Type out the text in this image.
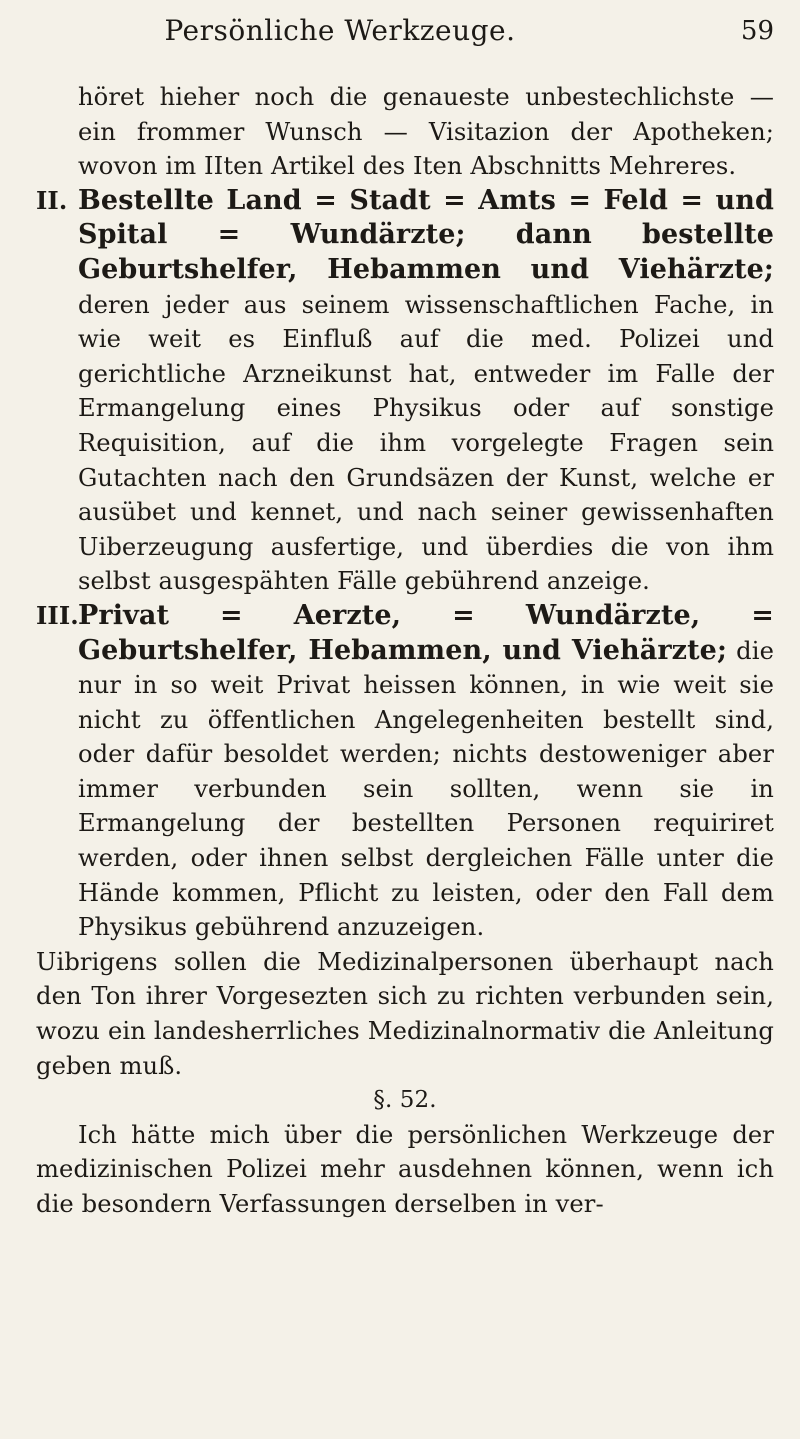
Persönliche Werkzeuge.	59

höret hieher noch die genaueste unbestechlichste — ein frommer Wunsch — Visitazion der Apotheken; wovon im IIten Artikel des Iten Abschnitts Mehreres.

II. Bestellte Land = Stadt = Amts = Feld = und Spital = Wundärzte; dann bestellte Geburtshelfer, Hebammen und Viehärzte; deren jeder aus seinem wissenschaftlichen Fache, in wie weit es Einfluß auf die med. Polizei und gerichtliche Arzneikunst hat, entweder im Falle der Ermangelung eines Physikus oder auf sonstige Requisition, auf die ihm vorgelegte Fragen sein Gutachten nach den Grundsäzen der Kunst, welche er ausübet und kennet, und nach seiner gewissenhaften Uiberzeugung ausfertige, und überdies die von ihm selbst ausgespähten Fälle gebührend anzeige.
III. Privat = Aerzte, = Wundärzte, = Geburtshelfer, Hebammen, und Viehärzte; die nur in so weit Privat heissen können, in wie weit sie nicht zu öffentlichen Angelegenheiten bestellt sind, oder dafür besoldet werden; nichts destoweniger aber immer verbunden sein sollten, wenn sie in Ermangelung der bestellten Personen requiriret werden, oder ihnen selbst dergleichen Fälle unter die Hände kommen, Pflicht zu leisten, oder den Fall dem Physikus gebührend anzuzeigen.

Uibrigens sollen die Medizinalpersonen überhaupt nach den Ton ihrer Vorgesezten sich zu richten verbunden sein, wozu ein landesherrliches Medizinalnormativ die Anleitung geben muß.

§. 52.

Ich hätte mich über die persönlichen Werkzeuge der medizinischen Polizei mehr ausdehnen können, wenn ich die besondern Verfassungen derselben in ver-
